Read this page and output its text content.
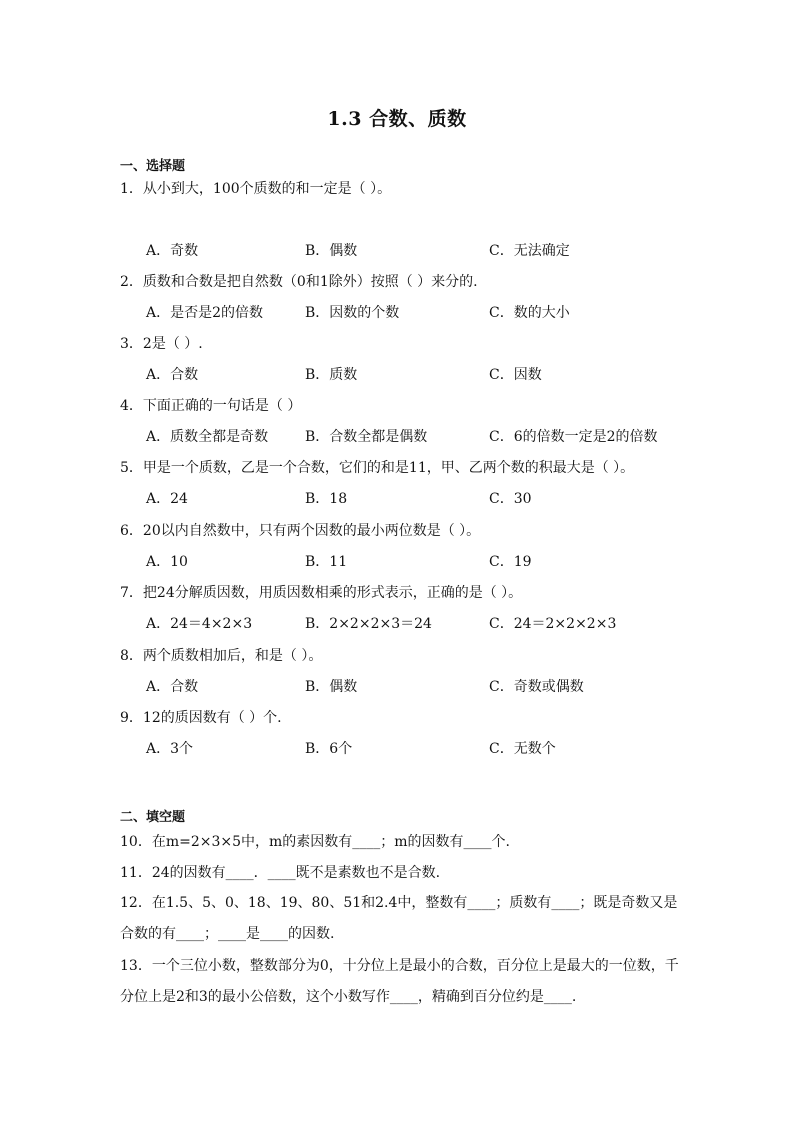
1.3 合数、质数
一、选择题
1．从小到大，100个质数的和一定是（ ）。
A．奇数	B．偶数	C．无法确定
2．质数和合数是把自然数（0和1除外）按照（ ）来分的.
A．是否是2的倍数	B．因数的个数	C．数的大小
3．2是（ ）.
A．合数	B．质数	C．因数
4．下面正确的一句话是（ ）
A．质数全都是奇数	B．合数全都是偶数	C．6的倍数一定是2的倍数
5．甲是一个质数，乙是一个合数，它们的和是11，甲、乙两个数的积最大是（ ）。
A．24	B．18	C．30
6．20以内自然数中，只有两个因数的最小两位数是（ ）。
A．10	B．11	C．19
7．把24分解质因数，用质因数相乘的形式表示，正确的是（ ）。
A．24＝4×2×3	B．2×2×2×3＝24	C．24＝2×2×2×3
8．两个质数相加后，和是（ ）。
A．合数	B．偶数	C．奇数或偶数
9．12的质因数有（ ）个.
A．3个	B．6个	C．无数个
二、填空题
10．在m=2×3×5中，m的素因数有____；m的因数有____个.
11．24的因数有____．____既不是素数也不是合数.
12．在1.5、5、0、18、19、80、51和2.4中，整数有____；质数有____；既是奇数又是合数的有____；____是____的因数.
13．一个三位小数，整数部分为0，十分位上是最小的合数，百分位上是最大的一位数，千分位上是2和3的最小公倍数，这个小数写作____，精确到百分位约是____.
